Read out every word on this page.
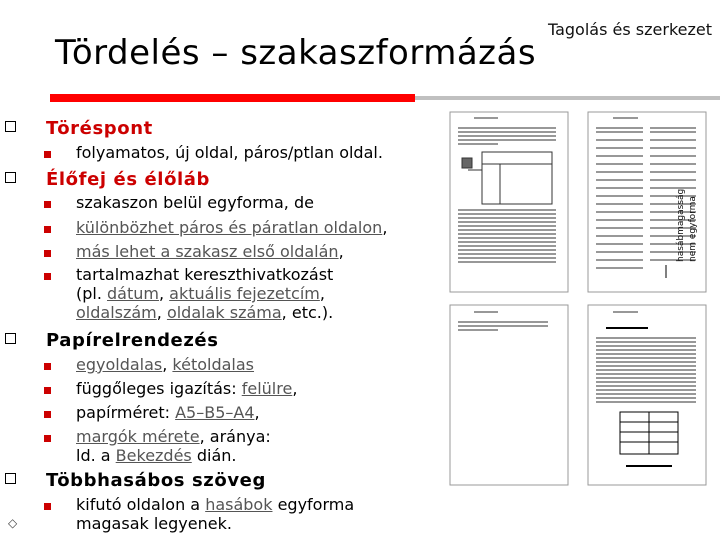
Tagolás és szerkezet
Tördelés – szakaszformázás
Töréspont
folyamatos, új oldal, páros/ptlan oldal.
Élőfej és élőláb
szakaszon belül egyforma, de
különbözhet páros és páratlan oldalon,
más lehet a szakasz első oldalán,
tartalmazhat kereszthivatkozást
(pl. dátum, aktuális fejezetcím,
oldalszám, oldalak száma, etc.).
Papírelrendezés
egyoldalas, kétoldalas
függőleges igazítás: felülre,
papírméret: A5–B5–A4,
margók mérete, aránya:
ld. a Bekezdés dián.
Többhasábos szöveg
kifutó oldalon a hasábok egyforma
magasak legyenek.
◇
hasábmagasság nem egyforma
